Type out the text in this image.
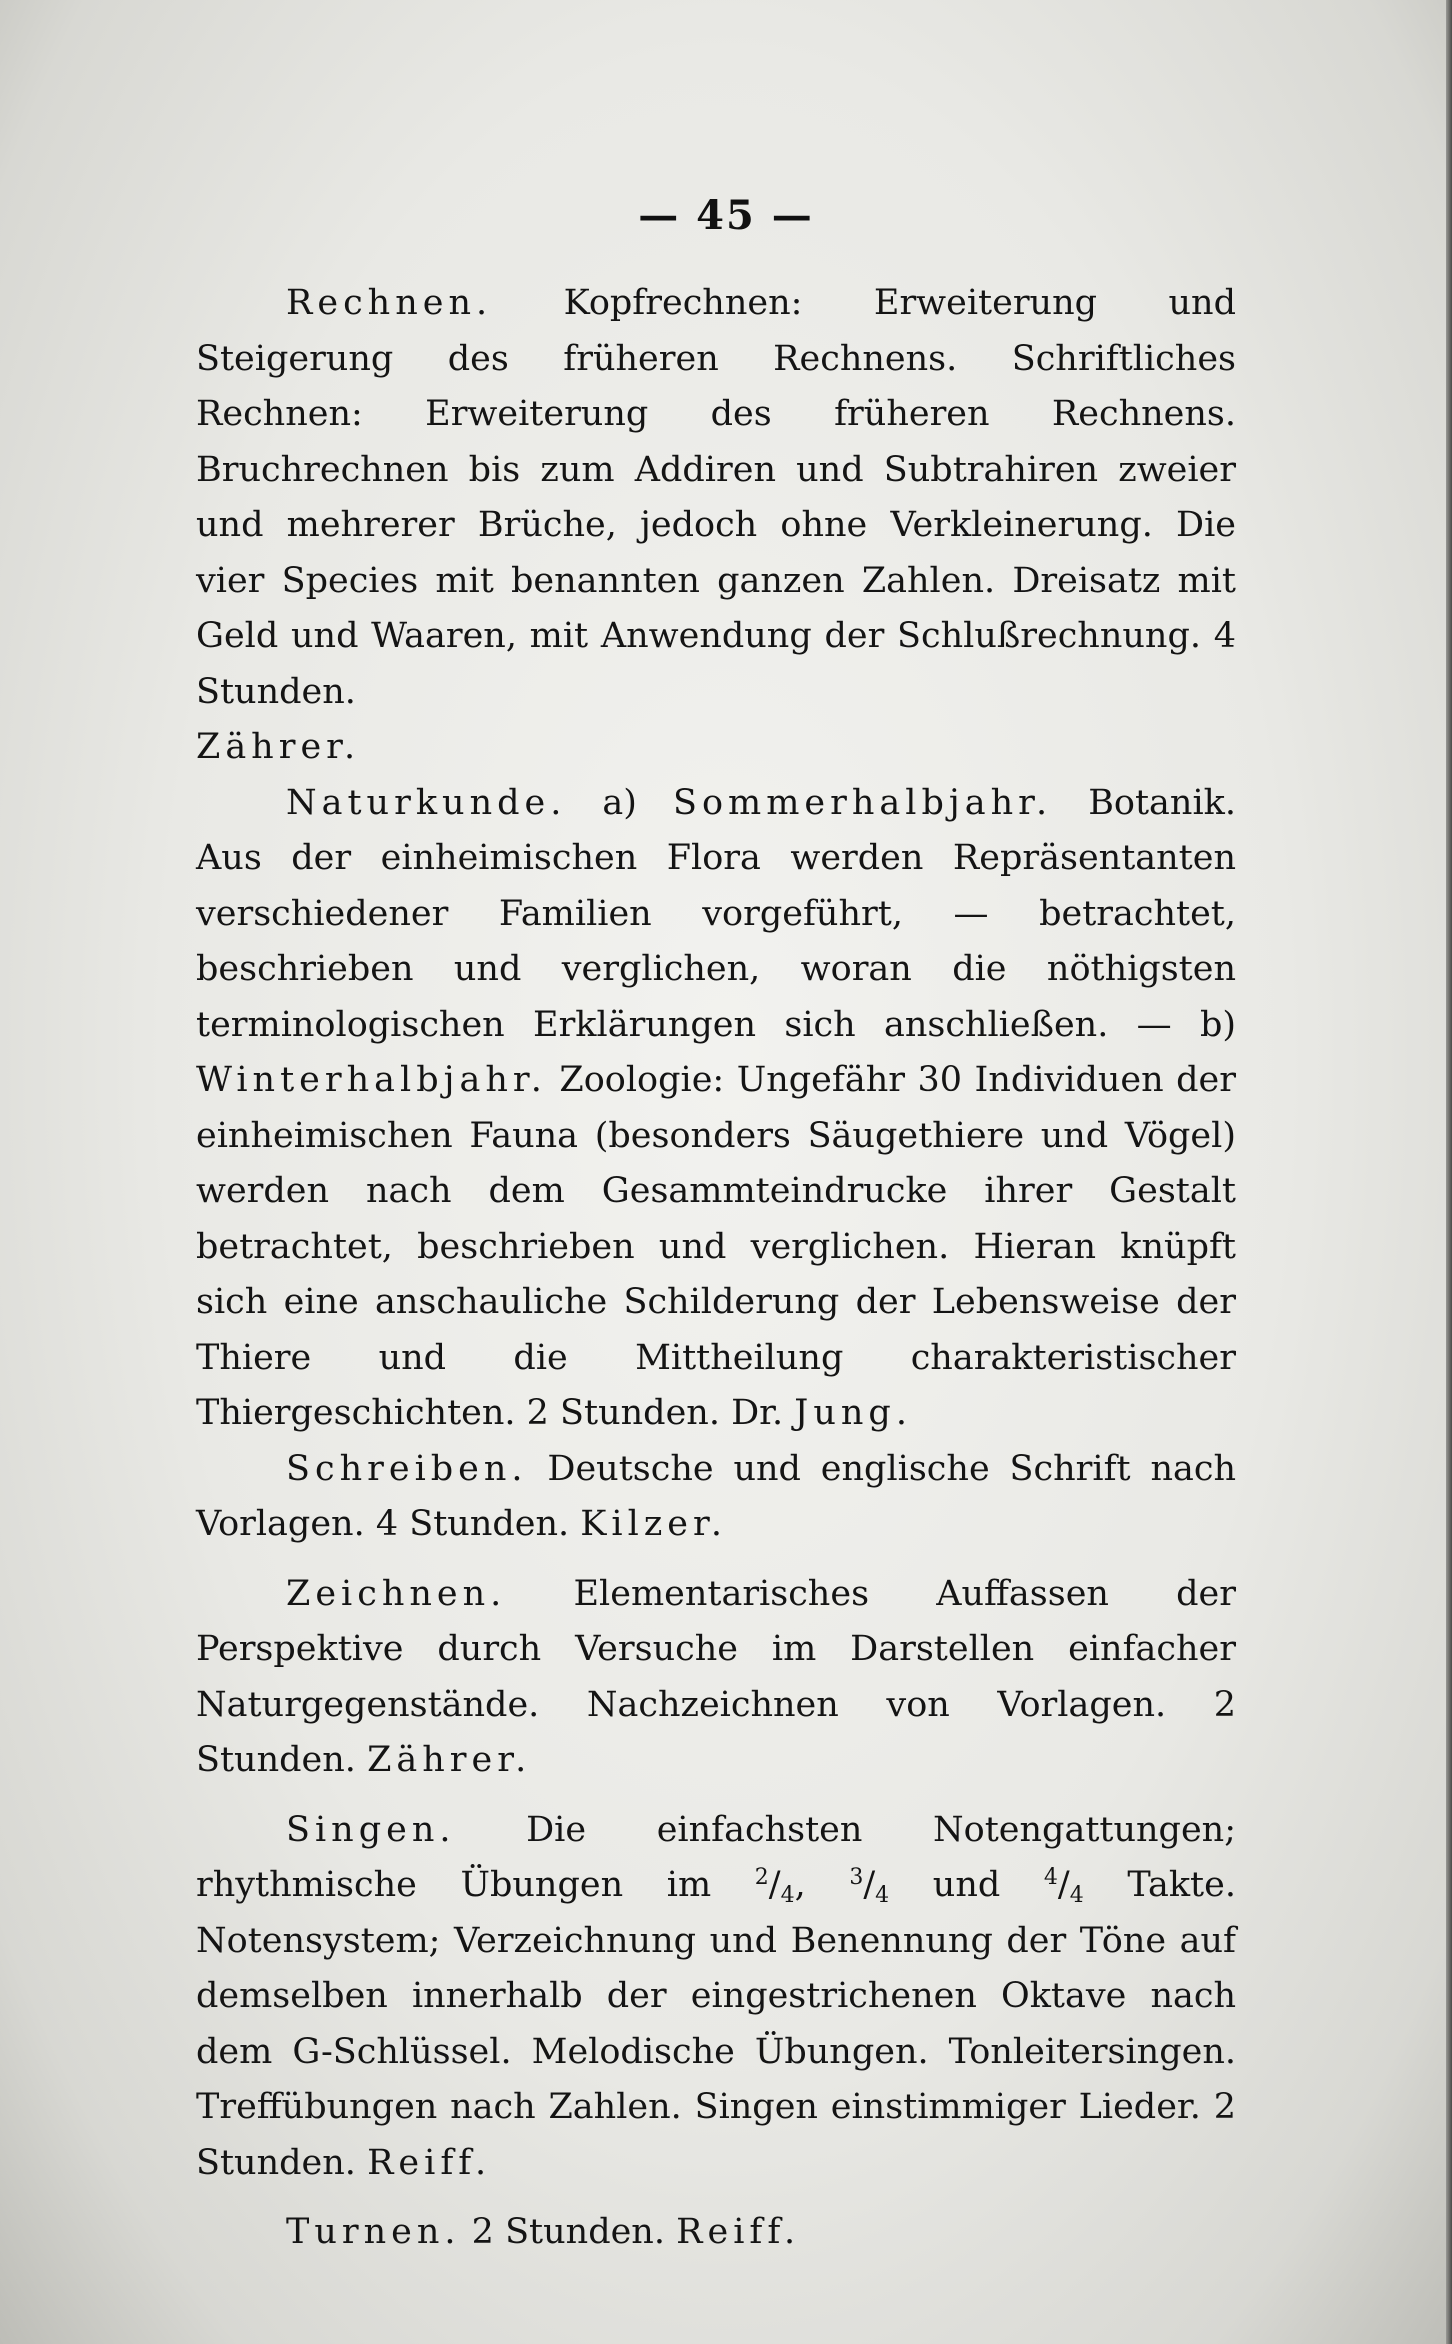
— 45 —

Rechnen. Kopfrechnen: Erweiterung und Steigerung des früheren Rechnens. Schriftliches Rechnen: Erweiterung des früheren Rechnens. Bruchrechnen bis zum Addiren und Subtrahiren zweier und mehrerer Brüche, jedoch ohne Verkleinerung. Die vier Species mit benannten ganzen Zahlen. Dreisatz mit Geld und Waaren, mit Anwendung der Schlußrechnung. 4 Stunden.
Zährer.

Naturkunde. a) Sommerhalbjahr. Botanik. Aus der einheimischen Flora werden Repräsentanten verschiedener Familien vorgeführt, — betrachtet, beschrieben und verglichen, woran die nöthigsten terminologischen Erklärungen sich anschließen. — b) Winterhalbjahr. Zoologie: Ungefähr 30 Individuen der einheimischen Fauna (besonders Säugethiere und Vögel) werden nach dem Gesammteindrucke ihrer Gestalt betrachtet, beschrieben und verglichen. Hieran knüpft sich eine anschauliche Schilderung der Lebensweise der Thiere und die Mittheilung charakteristischer Thiergeschichten. 2 Stunden. Dr. Jung.

Schreiben. Deutsche und englische Schrift nach Vorlagen. 4 Stunden. Kilzer.

Zeichnen. Elementarisches Auffassen der Perspektive durch Versuche im Darstellen einfacher Naturgegenstände. Nachzeichnen von Vorlagen. 2 Stunden. Zährer.

Singen. Die einfachsten Notengattungen; rhythmische Übungen im $^2/_4$, $^3/_4$ und $^4/_4$ Takte. Notensystem; Verzeichnung und Benennung der Töne auf demselben innerhalb der eingestrichenen Oktave nach dem G-Schlüssel. Melodische Übungen. Tonleitersingen. Treffübungen nach Zahlen. Singen einstimmiger Lieder. 2 Stunden. Reiff.

Turnen. 2 Stunden. Reiff.
